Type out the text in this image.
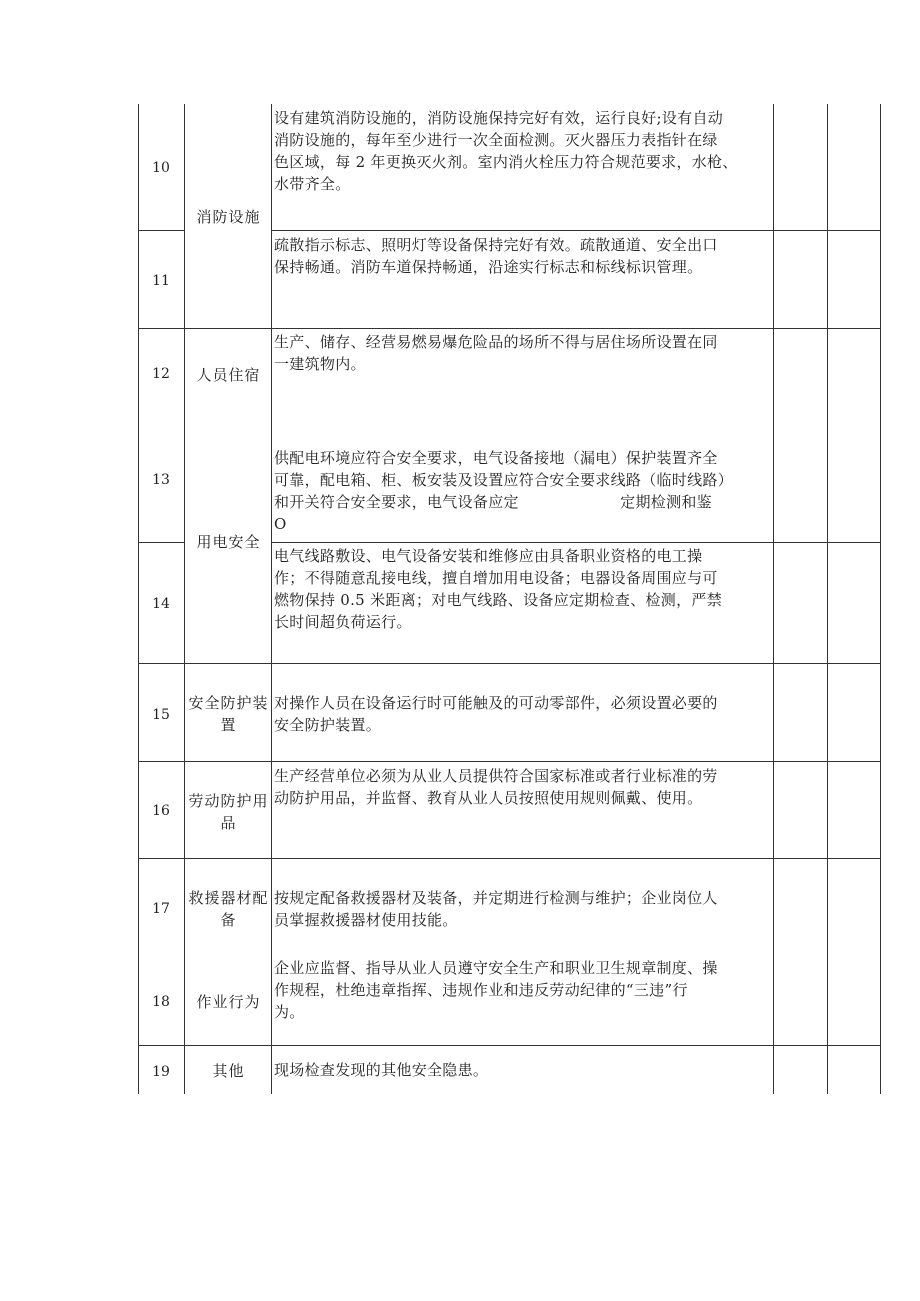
10
11
12
13
14
15
16
17
18
19
消防设施
人员住宿
用电安全
安全防护装
置
劳动防护用
品
救援器材配
备
作业行为
其他
设有建筑消防设施的，消防设施保持完好有效，运行良好;设有自动
消防设施的，每年至少进行一次全面检测。灭火器压力表指针在绿
色区域，每 2 年更换灭火剂。室内消火栓压力符合规范要求，水枪、
水带齐全。
疏散指示标志、照明灯等设备保持完好有效。疏散通道、安全出口
保持畅通。消防车道保持畅通，沿途实行标志和标线标识管理。
生产、储存、经营易燃易爆危险品的场所不得与居住场所设置在同
一建筑物内。
供配电环境应符合安全要求，电气设备接地（漏电）保护装置齐全
可靠，配电箱、柜、板安装及设置应符合安全要求线路（临时线路）
和开关符合安全要求，电气设备应定                    定期检测和鉴
O
电气线路敷设、电气设备安装和维修应由具备职业资格的电工操
作；不得随意乱接电线，擅自增加用电设备；电器设备周围应与可
燃物保持 0.5 米距离；对电气线路、设备应定期检查、检测，严禁
长时间超负荷运行。
对操作人员在设备运行时可能触及的可动零部件，必须设置必要的
安全防护装置。
生产经营单位必须为从业人员提供符合国家标准或者行业标准的劳
动防护用品，并监督、教育从业人员按照使用规则佩戴、使用。
按规定配备救援器材及装备，并定期进行检测与维护；企业岗位人
员掌握救援器材使用技能。
企业应监督、指导从业人员遵守安全生产和职业卫生规章制度、操
作规程，杜绝违章指挥、违规作业和违反劳动纪律的“三违”行
为。
现场检查发现的其他安全隐患。
